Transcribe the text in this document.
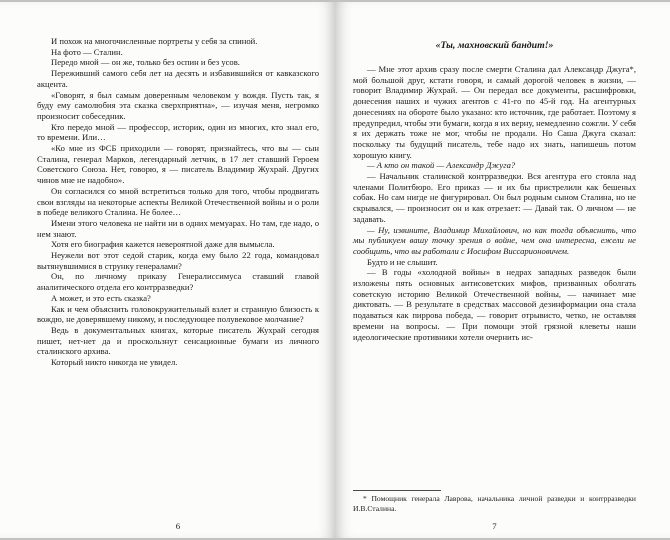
И похож на многочисленные портреты у себя за спиной.

На фото — Сталин.

Передо мной — он же, только без оспин и без усов.

Переживший самого себя лет на десять и избавившийся от кавказского акцента.

«Говорят, я был самым доверенным человеком у вождя. Пусть так, я буду ему самолюбия эта сказка сверхприятна», — изучая меня, негромко произносит собеседник.

Кто передо мной — профессор, историк, один из многих, кто знал его, то времени. Или…

«Ко мне из ФСБ приходили — говорят, признайтесь, что вы — сын Сталина, генерал Марков, легендарный летчик, в 17 лет ставший Героем Советского Союза. Нет, говорю, я — писатель Владимир Жухрай. Других чинов мне не надобно».

Он согласился со мной встретиться только для того, чтобы продвигать свои взгляды на некоторые аспекты Великой Отечественной войны и о роли в победе великого Сталина. Не более…

Имени этого человека не найти ни в одних мемуарах. Но там, где надо, о нем знают.

Хотя его биография кажется невероятной даже для вымысла.

Неужели вот этот седой старик, когда ему было 22 года, командовал вытянувшимися в струнку генералами?

Он, по личному приказу Генералиссимуса ставший главой аналитического отдела его контрразведки?

А может, и это есть сказка?

Как и чем объяснить головокружительный взлет и странную близость к вождю, не доверявшему никому, и последующее полувековое молчание?

Ведь в документальных книгах, которые писатель Жухрай сегодня пишет, нет-нет да и проскользнут сенсационные бумаги из личного сталинского архива.

Который никто никогда не увидел.

6
«Ты, махновский бандит!»

— Мне этот архив сразу после смерти Сталина дал Александр Джуга*, мой большой друг, кстати говоря, и самый дорогой человек в жизни, — говорит Владимир Жухрай. — Он передал все документы, расшифровки, донесения наших и чужих агентов с 41-го по 45-й год. На агентурных донесениях на обороте было указано: кто источник, где работает. Поэтому я предупредил, чтобы эти бумаги, когда я их верну, немедленно сожгли. У себя я их держать тоже не мог, чтобы не продали. Но Саша Джуга сказал: поскольку ты будущий писатель, тебе надо их знать, напишешь потом хорошую книгу.

— А кто он такой — Александр Джуга?

— Начальник сталинской контрразведки. Вся агентура его стояла над членами Политбюро. Его приказ — и их бы пристрелили как бешеных собак. Но сам нигде не фигурировал. Он был родным сыном Сталина, но не скрывался, — произносит он и как отрезает: — Давай так. О личном — не задавать.

— Ну, извините, Владимир Михайлович, но как тогда объяснить, что мы публикуем вашу точку зрения о войне, чем она интересна, ежели не сообщить, что вы работали с Иосифом Виссарионовичем.

Будто и не слышит.

— В годы «холодной войны» в недрах западных разведок были изложены пять основных антисоветских мифов, призванных оболгать советскую историю Великой Отечественной войны, — начинает мне диктовать. — В результате в средствах массовой дезинформации она стала подаваться как пиррова победа, — говорит отрывисто, четко, не оставляя времени на вопросы. — При помощи этой грязной клеветы наши идеологические противники хотели очернить ис-

* Помощник генерала Лаврова, начальника личной разведки и контрразведки И.В.Сталина.

7
